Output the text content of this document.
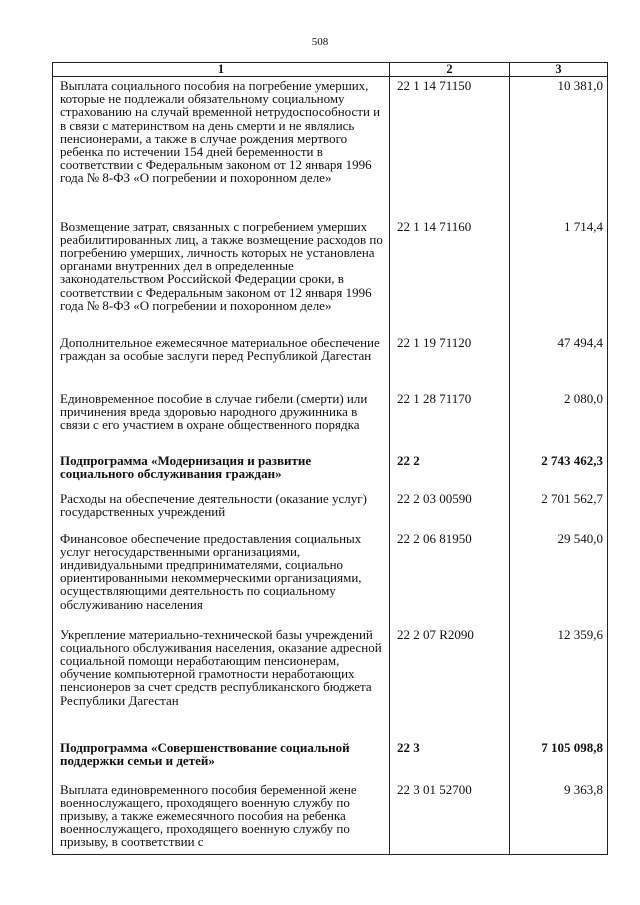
508
1	2	3
Выплата социального пособия на погребение умерших, которые не подлежали обязательному социальному страхованию на случай временной нетрудоспособности и в связи с материнством на день смерти и не являлись пенсионерами, а также в случае рождения мертвого ребенка по истечении 154 дней беременности в соответствии с Федеральным законом от 12 января 1996 года № 8-ФЗ «О погребении и похоронном деле»	22 1 14 71150	10 381,0
Возмещение затрат, связанных с погребением умерших реабилитированных лиц, а также возмещение расходов по погребению умерших, личность которых не установлена органами внутренних дел в определенные законодательством Российской Федерации сроки, в соответствии с Федеральным законом от 12 января 1996 года № 8-ФЗ «О погребении и похоронном деле»	22 1 14 71160	1 714,4
Дополнительное ежемесячное материальное обеспечение граждан за особые заслуги перед Республикой Дагестан	22 1 19 71120	47 494,4
Единовременное пособие в случае гибели (смерти) или причинения вреда здоровью народного дружинника в связи с его участием в охране общественного порядка	22 1 28 71170	2 080,0
Подпрограмма «Модернизация и развитие социального обслуживания граждан»	22 2	2 743 462,3
Расходы на обеспечение деятельности (оказание услуг) государственных учреждений	22 2 03 00590	2 701 562,7
Финансовое обеспечение предоставления социальных услуг негосударственными организациями, индивидуальными предпринимателями, социально ориентированными некоммерческими организациями, осуществляющими деятельность по социальному обслуживанию населения	22 2 06 81950	29 540,0
Укрепление материально-технической базы учреждений социального обслуживания населения, оказание адресной социальной помощи неработающим пенсионерам, обучение компьютерной грамотности неработающих пенсионеров за счет средств республиканского бюджета Республики Дагестан	22 2 07 R2090	12 359,6
Подпрограмма «Совершенствование социальной поддержки семьи и детей»	22 3	7 105 098,8
Выплата единовременного пособия беременной жене военнослужащего, проходящего военную службу по призыву, а также ежемесячного пособия на ребенка военнослужащего, проходящего военную службу по призыву, в соответствии с	22 3 01 52700	9 363,8
